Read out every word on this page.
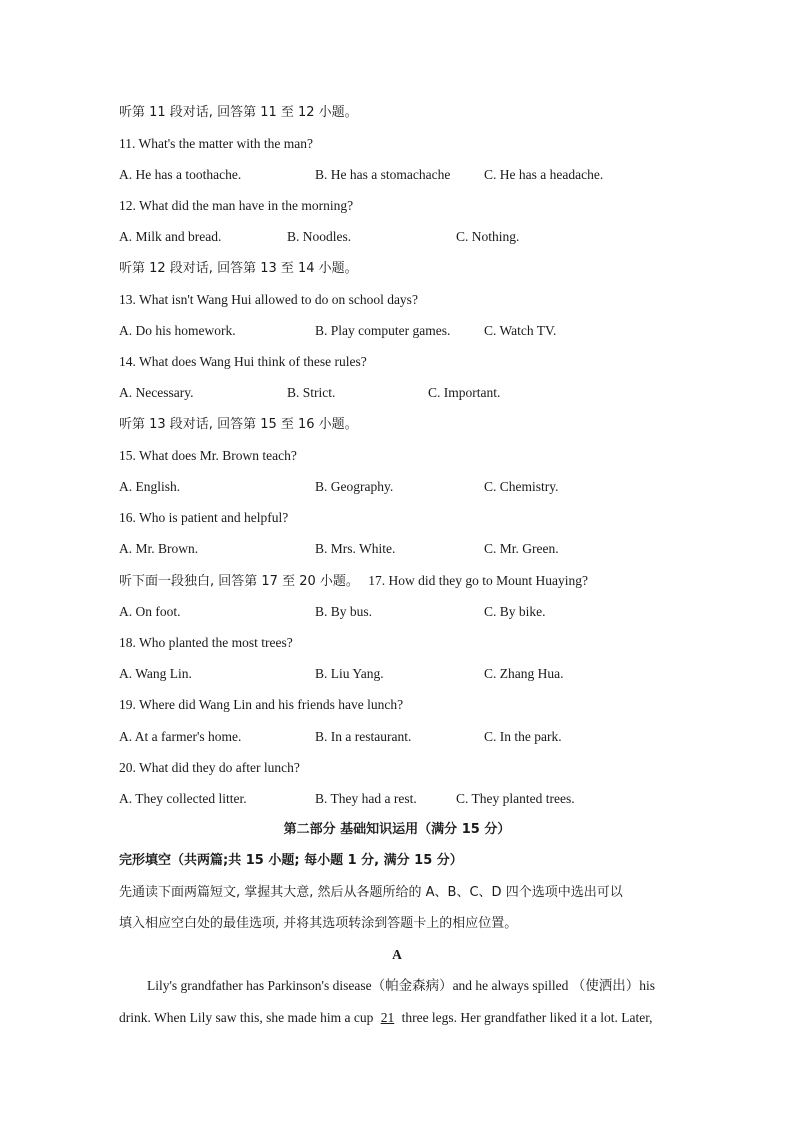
听第 11 段对话, 回答第 11 至 12 小题。
11. What's the matter with the man?
A. He has a toothache.	B. He has a stomachache C. He has a headache.
12. What did the man have in the morning?
A. Milk and bread.	B. Noodles.	C. Nothing.
听第 12 段对话, 回答第 13 至 14 小题。
13. What isn't Wang Hui allowed to do on school days?
A. Do his homework.	B. Play computer games. C. Watch TV.
14. What does Wang Hui think of these rules?
A. Necessary.	B. Strict.	C. Important.
听第 13 段对话, 回答第 15 至 16 小题。
15. What does Mr. Brown teach?
A. English.	B. Geography.	C. Chemistry.
16. Who is patient and helpful?
A. Mr. Brown.	B. Mrs. White.	C. Mr. Green.
听下面一段独白, 回答第 17 至 20 小题。 17. How did they go to Mount Huaying?
A. On foot.	B. By bus.	C. By bike.
18. Who planted the most trees?
A. Wang Lin.	B. Liu Yang.	C. Zhang Hua.
19. Where did Wang Lin and his friends have lunch?
A. At a farmer's home.	B. In a restaurant.	C. In the park.
20. What did they do after lunch?
A. They collected litter.	B. They had a rest.	C. They planted trees.
第二部分 基础知识运用（满分 15 分）
完形填空（共两篇;共 15 小题; 每小题 1 分, 满分 15 分）
先通读下面两篇短文, 掌握其大意, 然后从各题所给的 A、B、C、D 四个选项中选出可以
填入相应空白处的最佳选项, 并将其选项转涂到答题卡上的相应位置。
A
Lily's grandfather has Parkinson's disease（帕金森病）and he always spilled （使洒出）his
drink. When Lily saw this, she made him a cup 21 three legs. Her grandfather liked it a lot. Later,
